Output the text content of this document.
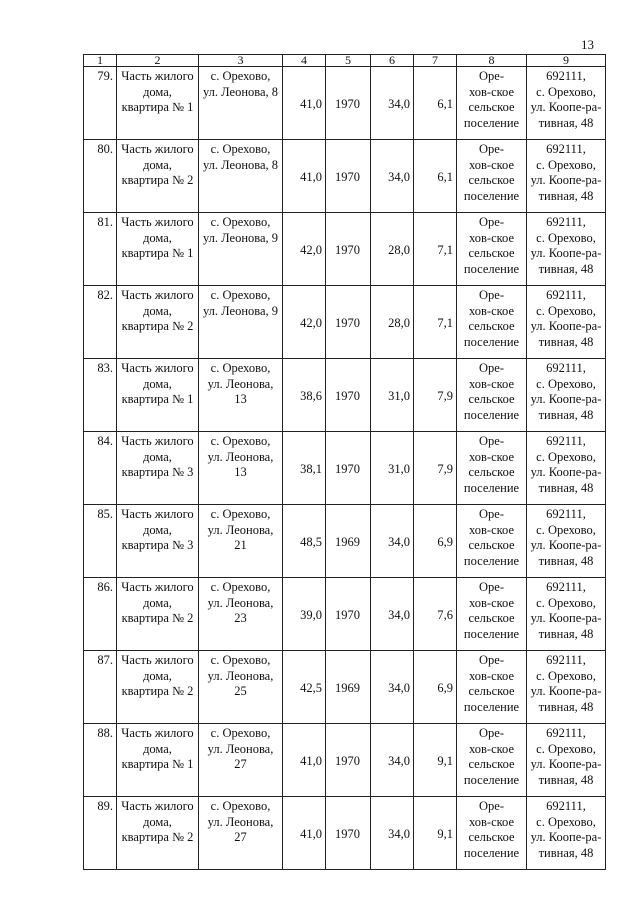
13
1	2	3	4	5	6	7	8	9
79.	Часть жилого
дома,
квартира № 1	с. Орехово,
ул. Леонова, 8	41,0	1970	34,0	6,1	Оре-
хов-ское
сельское
поселение	692111,
с. Орехово,
ул. Коопе-ра-
тивная, 48

80.	Часть жилого
дома,
квартира № 2	с. Орехово,
ул. Леонова, 8	41,0	1970	34,0	6,1	Оре-
хов-ское
сельское
поселение	692111,
с. Орехово,
ул. Коопе-ра-
тивная, 48

81.	Часть жилого
дома,
квартира № 1	с. Орехово,
ул. Леонова, 9	42,0	1970	28,0	7,1	Оре-
хов-ское
сельское
поселение	692111,
с. Орехово,
ул. Коопе-ра-
тивная, 48

82.	Часть жилого
дома,
квартира № 2	с. Орехово,
ул. Леонова, 9	42,0	1970	28,0	7,1	Оре-
хов-ское
сельское
поселение	692111,
с. Орехово,
ул. Коопе-ра-
тивная, 48

83.	Часть жилого
дома,
квартира № 1	с. Орехово,
ул. Леонова,
13	38,6	1970	31,0	7,9	Оре-
хов-ское
сельское
поселение	692111,
с. Орехово,
ул. Коопе-ра-
тивная, 48

84.	Часть жилого
дома,
квартира № 3	с. Орехово,
ул. Леонова,
13	38,1	1970	31,0	7,9	Оре-
хов-ское
сельское
поселение	692111,
с. Орехово,
ул. Коопе-ра-
тивная, 48

85.	Часть жилого
дома,
квартира № 3	с. Орехово,
ул. Леонова,
21	48,5	1969	34,0	6,9	Оре-
хов-ское
сельское
поселение	692111,
с. Орехово,
ул. Коопе-ра-
тивная, 48

86.	Часть жилого
дома,
квартира № 2	с. Орехово,
ул. Леонова,
23	39,0	1970	34,0	7,6	Оре-
хов-ское
сельское
поселение	692111,
с. Орехово,
ул. Коопе-ра-
тивная, 48

87.	Часть жилого
дома,
квартира № 2	с. Орехово,
ул. Леонова,
25	42,5	1969	34,0	6,9	Оре-
хов-ское
сельское
поселение	692111,
с. Орехово,
ул. Коопе-ра-
тивная, 48

88.	Часть жилого
дома,
квартира № 1	с. Орехово,
ул. Леонова,
27	41,0	1970	34,0	9,1	Оре-
хов-ское
сельское
поселение	692111,
с. Орехово,
ул. Коопе-ра-
тивная, 48

89.	Часть жилого
дома,
квартира № 2	с. Орехово,
ул. Леонова,
27	41,0	1970	34,0	9,1	Оре-
хов-ское
сельское
поселение	692111,
с. Орехово,
ул. Коопе-ра-
тивная, 48
